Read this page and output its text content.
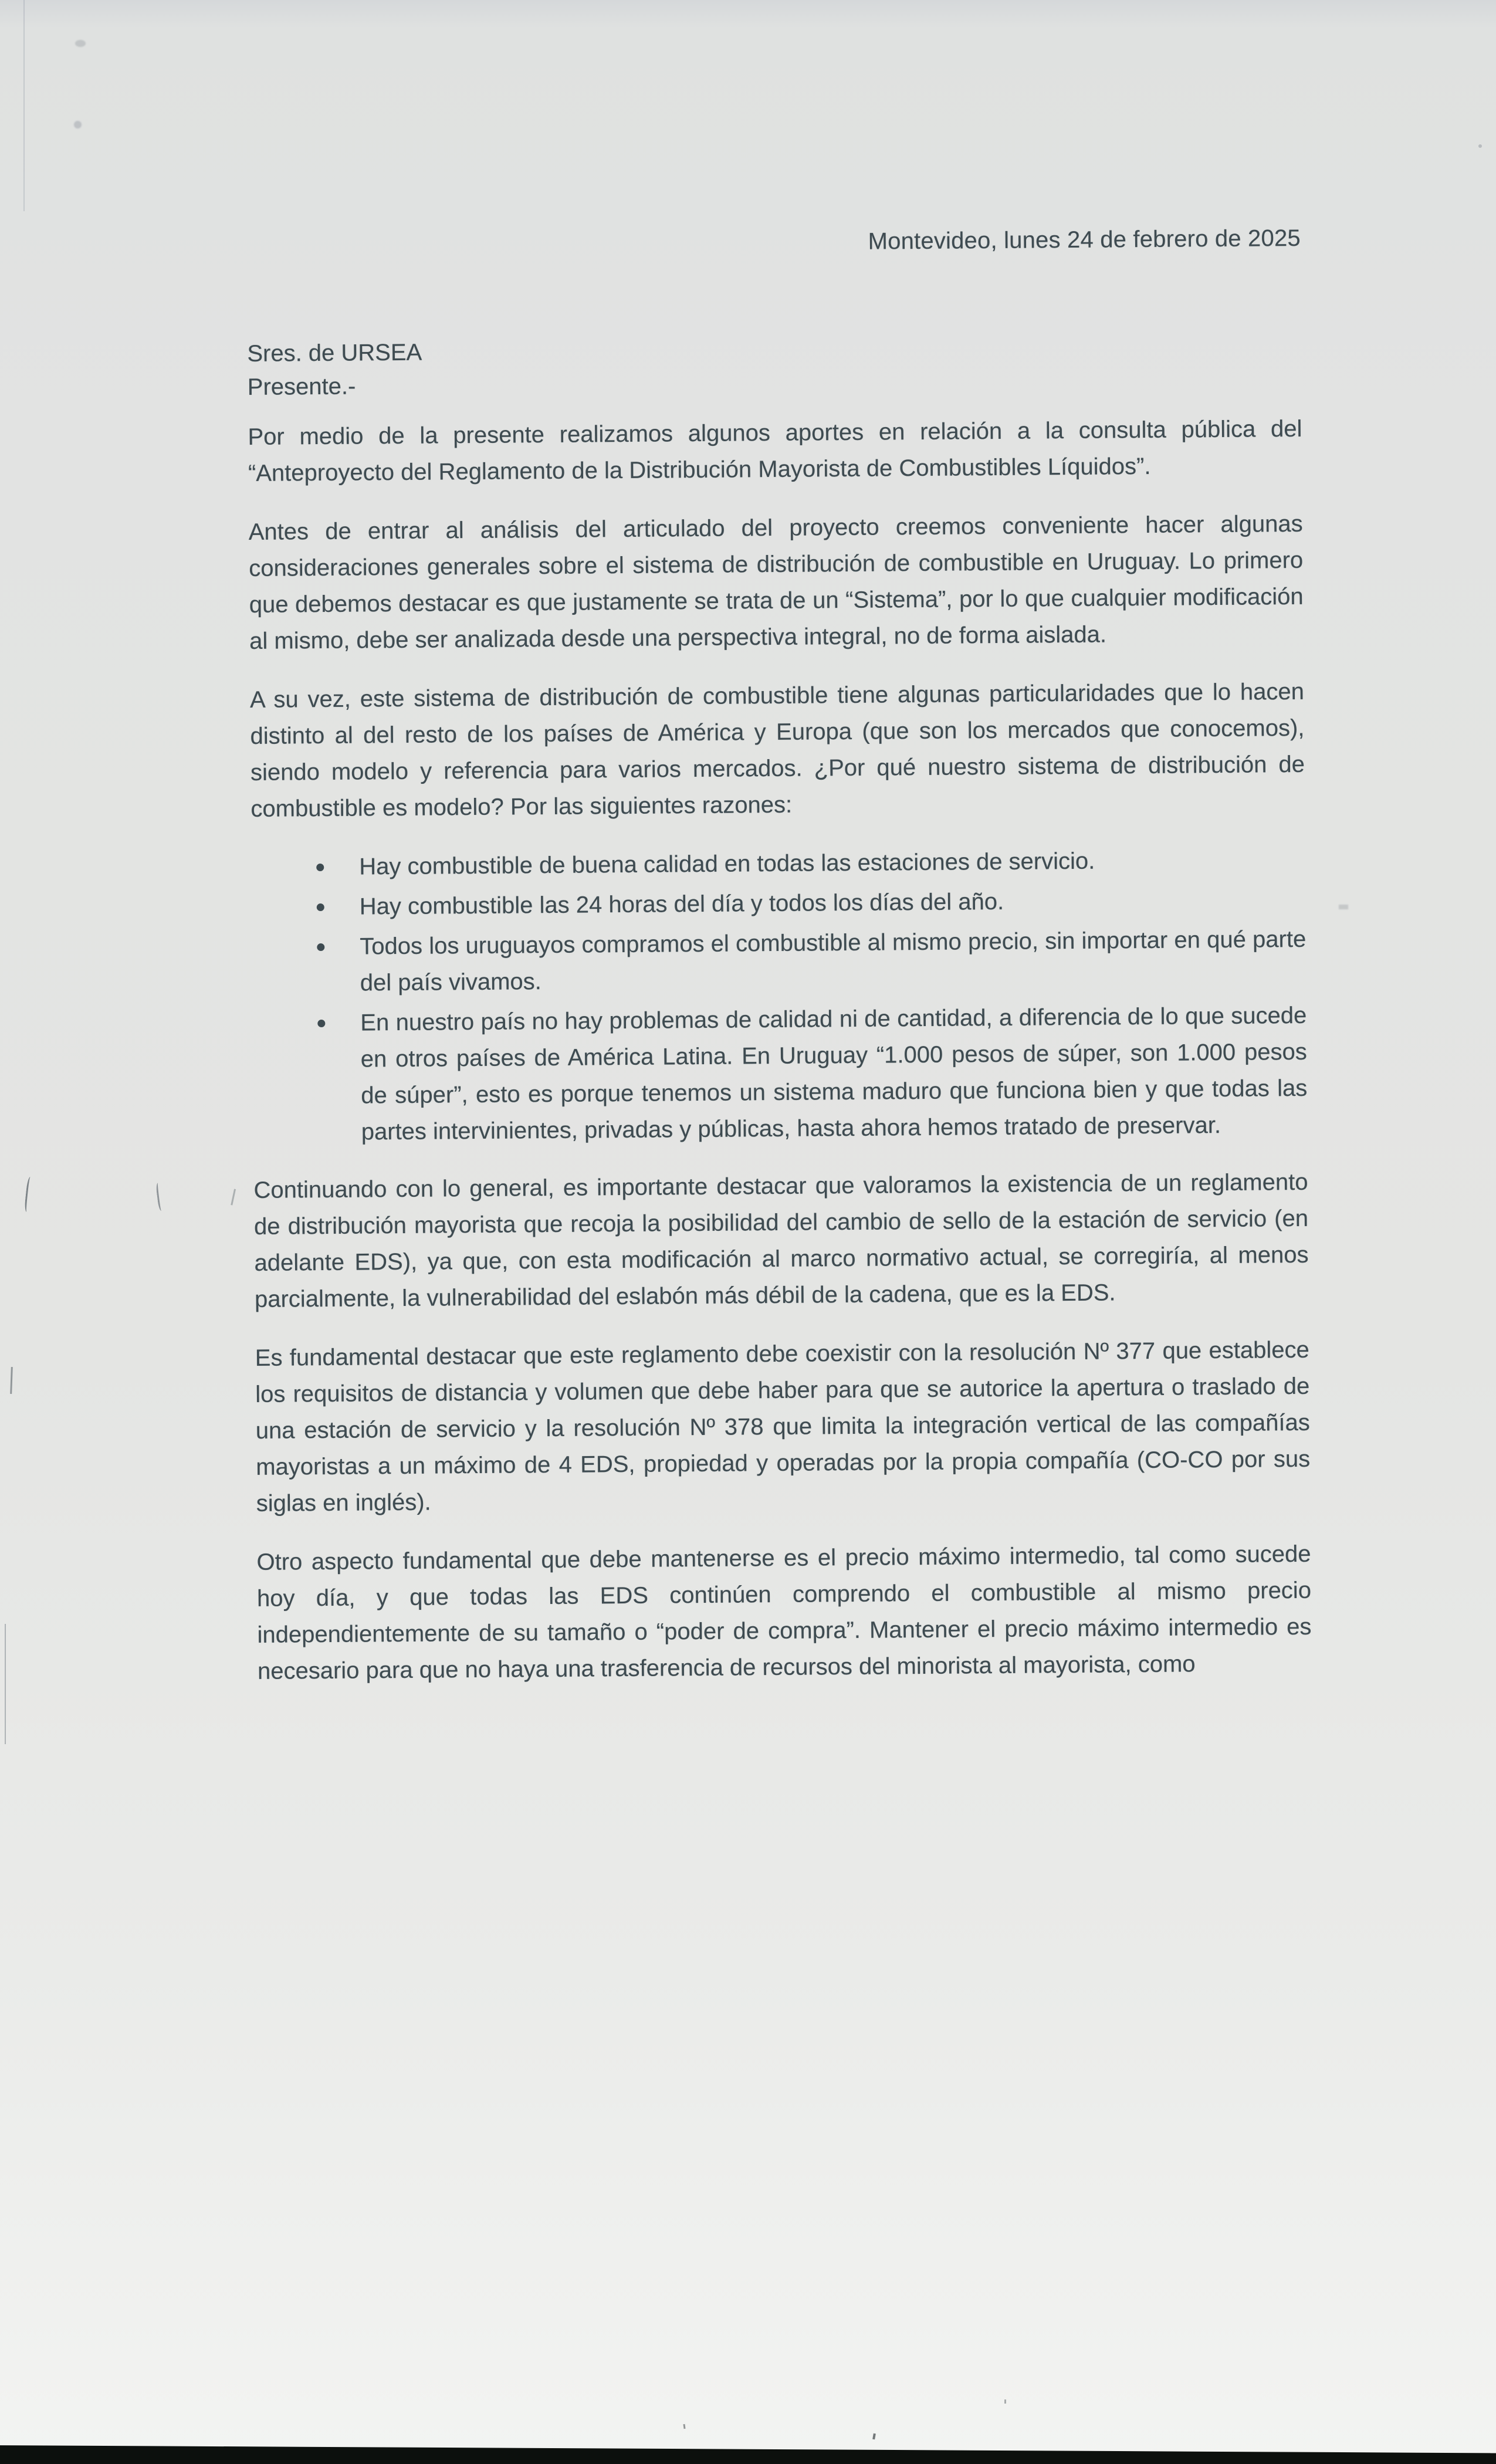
Montevideo, lunes 24 de febrero de 2025
Sres. de URSEA
Presente.-

Por medio de la presente realizamos algunos aportes en relación a la consulta pública del “Anteproyecto del Reglamento de la Distribución Mayorista de Combustibles Líquidos”.

Antes de entrar al análisis del articulado del proyecto creemos conveniente hacer algunas consideraciones generales sobre el sistema de distribución de combustible en Uruguay. Lo primero que debemos destacar es que justamente se trata de un “Sistema”, por lo que cualquier modificación al mismo, debe ser analizada desde una perspectiva integral, no de forma aislada.

A su vez, este sistema de distribución de combustible tiene algunas particularidades que lo hacen distinto al del resto de los países de América y Europa (que son los mercados que conocemos), siendo modelo y referencia para varios mercados. ¿Por qué nuestro sistema de distribución de combustible es modelo? Por las siguientes razones:

Hay combustible de buena calidad en todas las estaciones de servicio.
Hay combustible las 24 horas del día y todos los días del año.
Todos los uruguayos compramos el combustible al mismo precio, sin importar en qué parte del país vivamos.
En nuestro país no hay problemas de calidad ni de cantidad, a diferencia de lo que sucede en otros países de América Latina. En Uruguay “1.000 pesos de súper, son 1.000 pesos de súper”, esto es porque tenemos un sistema maduro que funciona bien y que todas las partes intervinientes, privadas y públicas, hasta ahora hemos tratado de preservar.

Continuando con lo general, es importante destacar que valoramos la existencia de un reglamento de distribución mayorista que recoja la posibilidad del cambio de sello de la estación de servicio (en adelante EDS), ya que, con esta modificación al marco normativo actual, se corregiría, al menos parcialmente, la vulnerabilidad del eslabón más débil de la cadena, que es la EDS.

Es fundamental destacar que este reglamento debe coexistir con la resolución Nº 377 que establece los requisitos de distancia y volumen que debe haber para que se autorice la apertura o traslado de una estación de servicio y la resolución Nº 378 que limita la integración vertical de las compañías mayoristas a un máximo de 4 EDS, propiedad y operadas por la propia compañía (CO-CO por sus siglas en inglés).

Otro aspecto fundamental que debe mantenerse es el precio máximo intermedio, tal como sucede hoy día, y que todas las EDS continúen comprendo el combustible al mismo precio independientemente de su tamaño o “poder de compra”. Mantener el precio máximo intermedio es necesario para que no haya una trasferencia de recursos del minorista al mayorista, como
